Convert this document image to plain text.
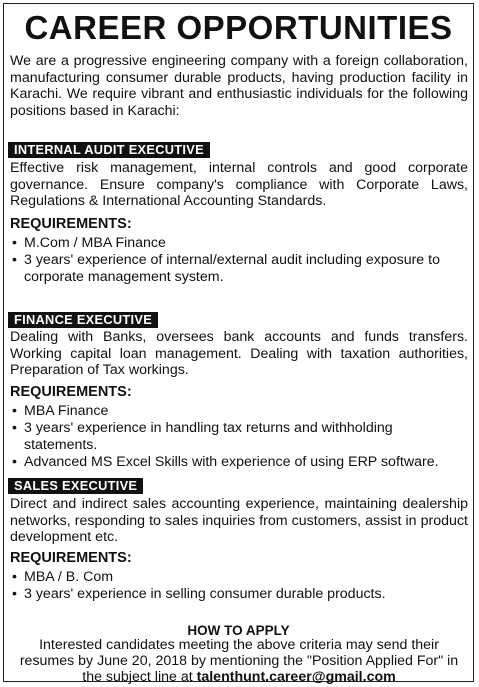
CAREER OPPORTUNITIES
We are a progressive engineering company with a foreign collaboration, manufacturing consumer durable products, having production facility in Karachi. We require vibrant and enthusiastic individuals for the following positions based in Karachi:
INTERNAL AUDIT EXECUTIVE
Effective risk management, internal controls and good corporate governance. Ensure company's compliance with Corporate Laws, Regulations & International Accounting Standards.
REQUIREMENTS:
• M.Com / MBA Finance
• 3 years' experience of internal/external audit including exposure to corporate management system.
FINANCE EXECUTIVE
Dealing with Banks, oversees bank accounts and funds transfers. Working capital loan management. Dealing with taxation authorities, Preparation of Tax workings.
REQUIREMENTS:
• MBA Finance
• 3 years' experience in handling tax returns and withholding statements.
• Advanced MS Excel Skills with experience of using ERP software.
SALES EXECUTIVE
Direct and indirect sales accounting experience, maintaining dealership networks, responding to sales inquiries from customers, assist in product development etc.
REQUIREMENTS:
• MBA / B. Com
• 3 years' experience in selling consumer durable products.
HOW TO APPLY
Interested candidates meeting the above criteria may send their resumes by June 20, 2018 by mentioning the "Position Applied For" in the subject line at talenthunt.career@gmail.com
